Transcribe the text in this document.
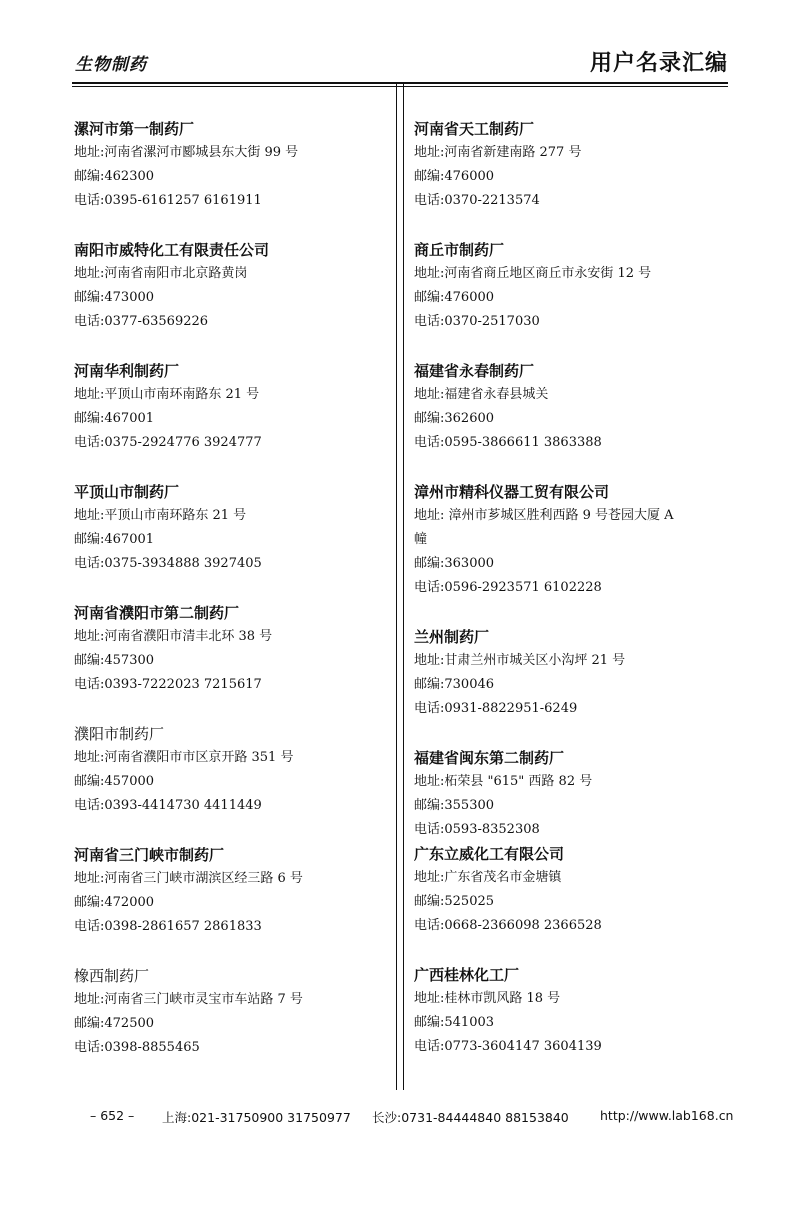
生物制药	用户名录汇编
漯河市第一制药厂
地址:河南省漯河市郾城县东大街 99 号
邮编:462300
电话:0395-6161257 6161911
南阳市威特化工有限责任公司
地址:河南省南阳市北京路黄岗
邮编:473000
电话:0377-63569226
河南华利制药厂
地址:平顶山市南环南路东 21 号
邮编:467001
电话:0375-2924776 3924777
平顶山市制药厂
地址:平顶山市南环路东 21 号
邮编:467001
电话:0375-3934888 3927405
河南省濮阳市第二制药厂
地址:河南省濮阳市清丰北环 38 号
邮编:457300
电话:0393-7222023 7215617
濮阳市制药厂
地址:河南省濮阳市市区京开路 351 号
邮编:457000
电话:0393-4414730 4411449
河南省三门峡市制药厂
地址:河南省三门峡市湖滨区经三路 6 号
邮编:472000
电话:0398-2861657 2861833
橡西制药厂
地址:河南省三门峡市灵宝市车站路 7 号
邮编:472500
电话:0398-8855465
河南省天工制药厂
地址:河南省新建南路 277 号
邮编:476000
电话:0370-2213574
商丘市制药厂
地址:河南省商丘地区商丘市永安街 12 号
邮编:476000
电话:0370-2517030
福建省永春制药厂
地址:福建省永春县城关
邮编:362600
电话:0595-3866611 3863388
漳州市精科仪器工贸有限公司
地址: 漳州市芗城区胜利西路 9 号苍园大厦 A
幢
邮编:363000
电话:0596-2923571 6102228
兰州制药厂
地址:甘肃兰州市城关区小沟坪 21 号
邮编:730046
电话:0931-8822951-6249
福建省闽东第二制药厂
地址:柘荣县 "615" 西路 82 号
邮编:355300
电话:0593-8352308
广东立威化工有限公司
地址:广东省茂名市金塘镇
邮编:525025
电话:0668-2366098 2366528
广西桂林化工厂
地址:桂林市凯风路 18 号
邮编:541003
电话:0773-3604147 3604139
– 652 – 上海:021-31750900 31750977 长沙:0731-84444840 88153840 http://www.lab168.cn
